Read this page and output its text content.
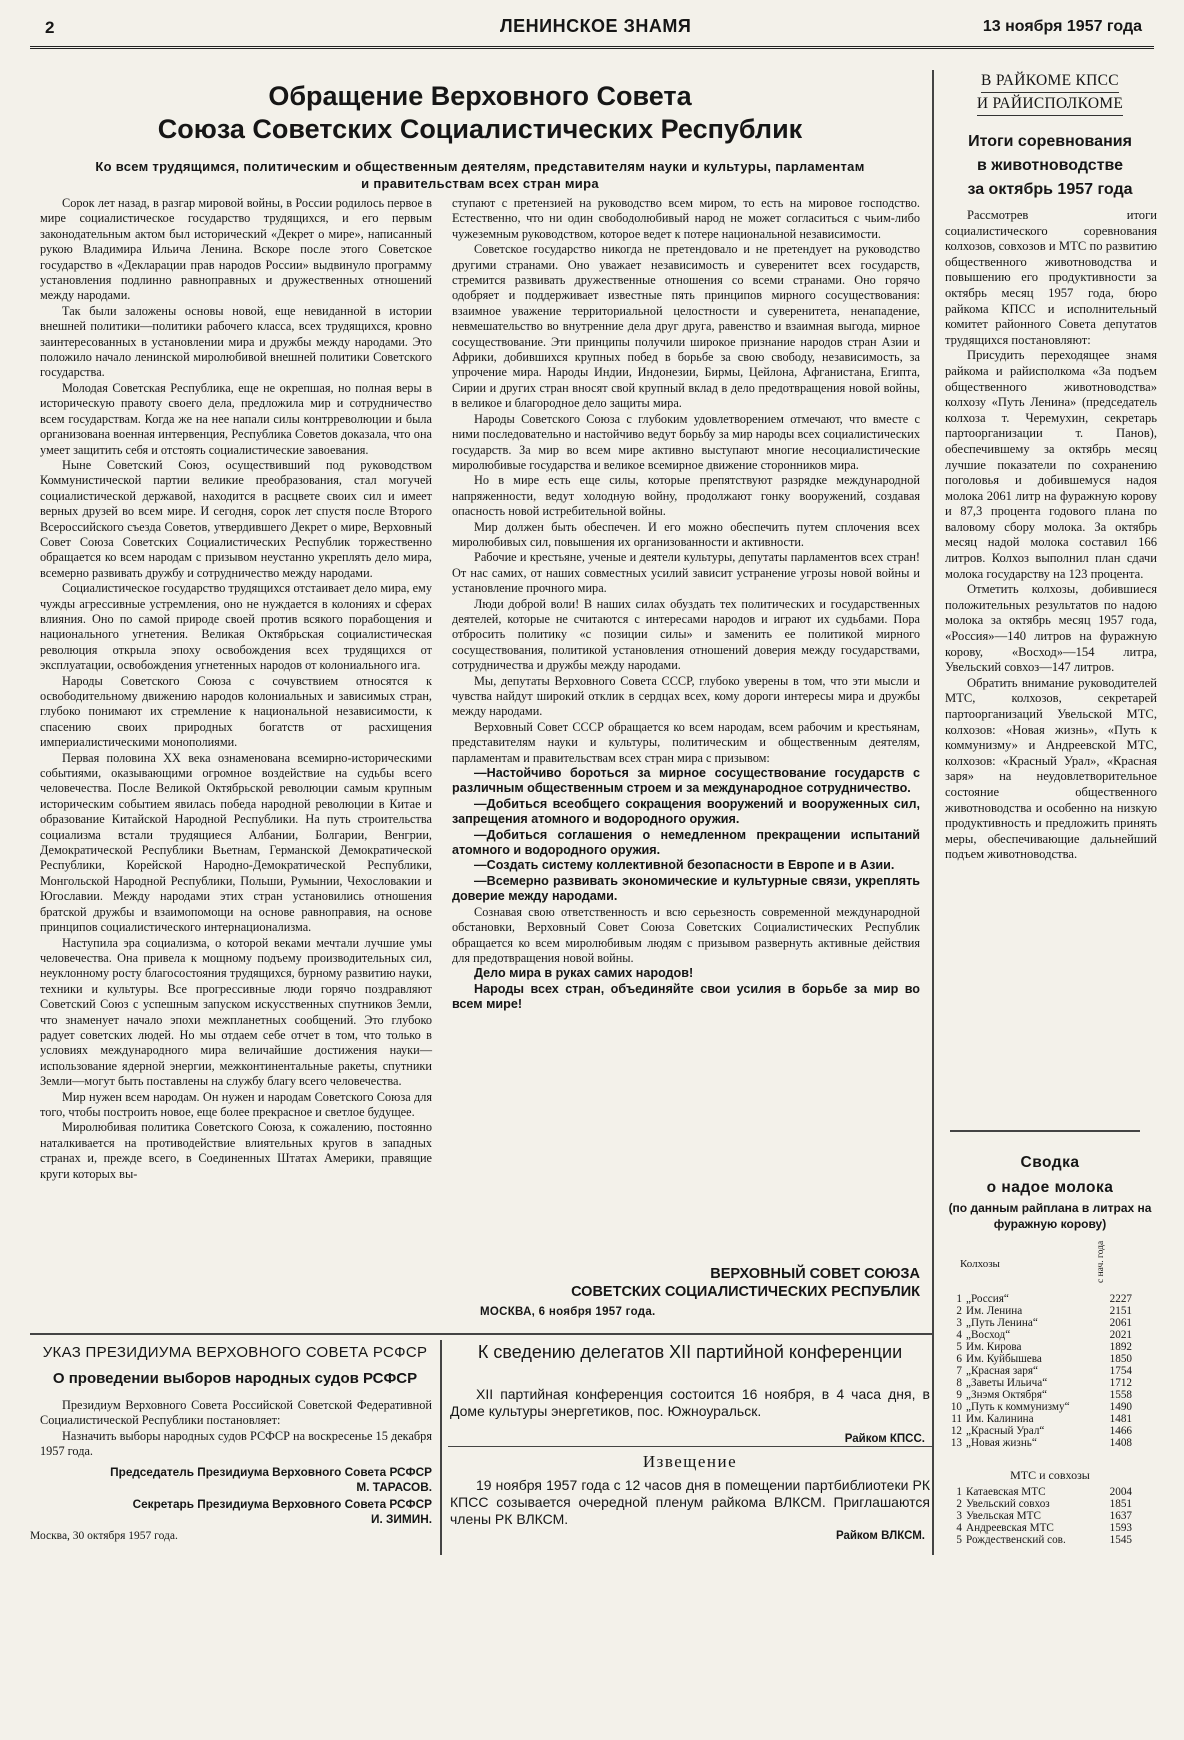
2	ЛЕНИНСКОЕ ЗНАМЯ	13 ноября 1957 года
Обращение Верховного Совета
Союза Советских Социалистических Республик
Ко всем трудящимся, политическим и общественным деятелям, представителям науки и культуры, парламентам и правительствам всех стран мира

Сорок лет назад, в разгар мировой войны, в России родилось первое в мире социалистическое государство трудящихся, и его первым законодательным актом был исторический «Декрет о мире», написанный рукою Владимира Ильича Ленина. Вскоре после этого Советское государство в «Декларации прав народов России» выдвинуло программу установления подлинно равноправных и дружественных отношений между народами.

Так были заложены основы новой, еще невиданной в истории внешней политики—политики рабочего класса, всех трудящихся, кровно заинтересованных в установлении мира и дружбы между народами. Это положило начало ленинской миролюбивой внешней политики Советского государства.

Молодая Советская Республика, еще не окрепшая, но полная веры в историческую правоту своего дела, предложила мир и сотрудничество всем государствам. Когда же на нее напали силы контрреволюции и была организована военная интервенция, Республика Советов доказала, что она умеет защитить себя и отстоять социалистические завоевания.

Ныне Советский Союз, осуществивший под руководством Коммунистической партии великие преобразования, стал могучей социалистической державой, находится в расцвете своих сил и имеет верных друзей во всем мире. И сегодня, сорок лет спустя после Второго Всероссийского съезда Советов, утвердившего Декрет о мире, Верховный Совет Союза Советских Социалистических Республик торжественно обращается ко всем народам с призывом неустанно укреплять дело мира, всемерно развивать дружбу и сотрудничество между народами.

Социалистическое государство трудящихся отстаивает дело мира, ему чужды агрессивные устремления, оно не нуждается в колониях и сферах влияния. Оно по самой природе своей против всякого порабощения и национального угнетения. Великая Октябрьская социалистическая революция открыла эпоху освобождения всех трудящихся от эксплуатации, освобождения угнетенных народов от колониального ига.

Народы Советского Союза с сочувствием относятся к освободительному движению народов колониальных и зависимых стран, глубоко понимают их стремление к национальной независимости, к спасению своих природных богатств от расхищения империалистическими монополиями.

Первая половина XX века ознаменована всемирно-историческими событиями, оказывающими огромное воздействие на судьбы всего человечества. После Великой Октябрьской революции самым крупным историческим событием явилась победа народной революции в Китае и образование Китайской Народной Республики. На путь строительства социализма встали трудящиеся Албании, Болгарии, Венгрии, Демократической Республики Вьетнам, Германской Демократической Республики, Корейской Народно-Демократической Республики, Монгольской Народной Республики, Польши, Румынии, Чехословакии и Югославии. Между народами этих стран установились отношения братской дружбы и взаимопомощи на основе равноправия, на основе принципов социалистического интернационализма.

Наступила эра социализма, о которой веками мечтали лучшие умы человечества. Она привела к мощному подъему производительных сил, неуклонному росту благосостояния трудящихся, бурному развитию науки, техники и культуры. Все прогрессивные люди горячо поздравляют Советский Союз с успешным запуском искусственных спутников Земли, что знаменует начало эпохи межпланетных сообщений. Это глубоко радует советских людей. Но мы отдаем себе отчет в том, что только в условиях международного мира величайшие достижения науки—использование ядерной энергии, межконтинентальные ракеты, спутники Земли—могут быть поставлены на службу благу всего человечества.

Мир нужен всем народам. Он нужен и народам Советского Союза для того, чтобы построить новое, еще более прекрасное и светлое будущее.

Миролюбивая политика Советского Союза, к сожалению, постоянно наталкивается на противодействие влиятельных кругов в западных странах и, прежде всего, в Соединенных Штатах Америки, правящие круги которых вы-

ступают с претензией на руководство всем миром, то есть на мировое господство. Естественно, что ни один свободолюбивый народ не может согласиться с чьим-либо чужеземным руководством, которое ведет к потере национальной независимости.

Советское государство никогда не претендовало и не претендует на руководство другими странами. Оно уважает независимость и суверенитет всех государств, стремится развивать дружественные отношения со всеми странами. Оно горячо одобряет и поддерживает известные пять принципов мирного сосуществования: взаимное уважение территориальной целостности и суверенитета, ненападение, невмешательство во внутренние дела друг друга, равенство и взаимная выгода, мирное сосуществование. Эти принципы получили широкое признание народов стран Азии и Африки, добившихся крупных побед в борьбе за свою свободу, независимость, за упрочение мира. Народы Индии, Индонезии, Бирмы, Цейлона, Афганистана, Египта, Сирии и других стран вносят свой крупный вклад в дело предотвращения новой войны, в великое и благородное дело защиты мира.

Народы Советского Союза с глубоким удовлетворением отмечают, что вместе с ними последовательно и настойчиво ведут борьбу за мир народы всех социалистических государств. За мир во всем мире активно выступают многие несоциалистические миролюбивые государства и великое всемирное движение сторонников мира.

Но в мире есть еще силы, которые препятствуют разрядке международной напряженности, ведут холодную войну, продолжают гонку вооружений, создавая опасность новой истребительной войны.

Мир должен быть обеспечен. И его можно обеспечить путем сплочения всех миролюбивых сил, повышения их организованности и активности.

Рабочие и крестьяне, ученые и деятели культуры, депутаты парламентов всех стран! От нас самих, от наших совместных усилий зависит устранение угрозы новой войны и установление прочного мира.

Люди доброй воли! В наших силах обуздать тех политических и государственных деятелей, которые не считаются с интересами народов и играют их судьбами. Пора отбросить политику «с позиции силы» и заменить ее политикой мирного сосуществования, политикой установления отношений доверия между государствами, сотрудничества и дружбы между народами.

Мы, депутаты Верховного Совета СССР, глубоко уверены в том, что эти мысли и чувства найдут широкий отклик в сердцах всех, кому дороги интересы мира и дружбы между народами.

Верховный Совет СССР обращается ко всем народам, всем рабочим и крестьянам, представителям науки и культуры, политическим и общественным деятелям, парламентам и правительствам всех стран мира с призывом:

—Настойчиво бороться за мирное сосуществование государств с различным общественным строем и за международное сотрудничество.

—Добиться всеобщего сокращения вооружений и вооруженных сил, запрещения атомного и водородного оружия.

—Добиться соглашения о немедленном прекращении испытаний атомного и водородного оружия.

—Создать систему коллективной безопасности в Европе и в Азии.

—Всемерно развивать экономические и культурные связи, укреплять доверие между народами.

Сознавая свою ответственность и всю серьезность современной международной обстановки, Верховный Совет Союза Советских Социалистических Республик обращается ко всем миролюбивым людям с призывом развернуть активные действия для предотвращения новой войны.

Дело мира в руках самих народов!

Народы всех стран, объединяйте свои усилия в борьбе за мир во всем мире!

ВЕРХОВНЫЙ СОВЕТ СОЮЗА
СОВЕТСКИХ СОЦИАЛИСТИЧЕСКИХ РЕСПУБЛИК
МОСКВА, 6 ноября 1957 года.
УКАЗ ПРЕЗИДИУМА ВЕРХОВНОГО СОВЕТА РСФСР
О проведении выборов народных судов РСФСР

Президиум Верховного Совета Российской Советской Федеративной Социалистической Республики постановляет:

Назначить выборы народных судов РСФСР на воскресенье 15 декабря 1957 года.

Председатель Президиума Верховного Совета РСФСР
М. ТАРАСОВ.
Секретарь Президиума Верховного Совета РСФСР
И. ЗИМИН.
Москва, 30 октября 1957 года.
К сведению делегатов XII партийной конференции

XII партийная конференция состоится 16 ноября, в 4 часа дня, в Доме культуры энергетиков, пос. Южноуральск.

Райком КПСС.
Извещение

19 ноября 1957 года с 12 часов дня в помещении партбиблиотеки РК КПСС созывается очередной пленум райкома ВЛКСМ. Приглашаются члены РК ВЛКСМ.

Райком ВЛКСМ.
В РАЙКОМЕ КПСС
И РАЙИСПОЛКОМЕ
Итоги соревнования
в животноводстве
за октябрь 1957 года

Рассмотрев итоги социалистического соревнования колхозов, совхозов и МТС по развитию общественного животноводства и повышению его продуктивности за октябрь месяц 1957 года, бюро райкома КПСС и исполнительный комитет районного Совета депутатов трудящихся постановляют:

Присудить переходящее знамя райкома и райисполкома «За подъем общественного животноводства» колхозу «Путь Ленина» (председатель колхоза т. Черемухин, секретарь партоорганизации т. Панов), обеспечившему за октябрь месяц лучшие показатели по сохранению поголовья и добившемуся надоя молока 2061 литр на фуражную корову и 87,3 процента годового плана по валовому сбору молока. За октябрь месяц надой молока составил 166 литров. Колхоз выполнил план сдачи молока государству на 123 процента.

Отметить колхозы, добившиеся положительных результатов по надою молока за октябрь месяц 1957 года, «Россия»—140 литров на фуражную корову, «Восход»—154 литра, Увельский совхоз—147 литров.

Обратить внимание руководителей МТС, колхозов, секретарей партоорганизаций Увельской МТС, колхозов: «Новая жизнь», «Путь к коммунизму» и Андреевской МТС, колхозов: «Красный Урал», «Красная заря» на неудовлетворительное состояние общественного животноводства и особенно на низкую продуктивность и предложить принять меры, обеспечивающие дальнейший подъем животноводства.

Сводка
о надое молока
(по данным райплана в литрах на фуражную корову)
Колхозы	с нач. года
1	„Россия“	2227
2	Им. Ленина	2151
3	„Путь Ленина“	2061
4	„Восход“	2021
5	Им. Кирова	1892
6	Им. Куйбышева	1850
7	„Красная заря“	1754
8	„Заветы Ильича“	1712
9	„Знэмя Октября“	1558
10	„Путь к коммунизму“	1490
11	Им. Калинина	1481
12	„Красный Урал“	1466
13	„Новая жизнь“	1408
МТС и совхозы
1	Катаевская МТС	2004
2	Увельский совхоз	1851
3	Увельская МТС	1637
4	Андреевская МТС	1593
5	Рождественский сов.	1545
